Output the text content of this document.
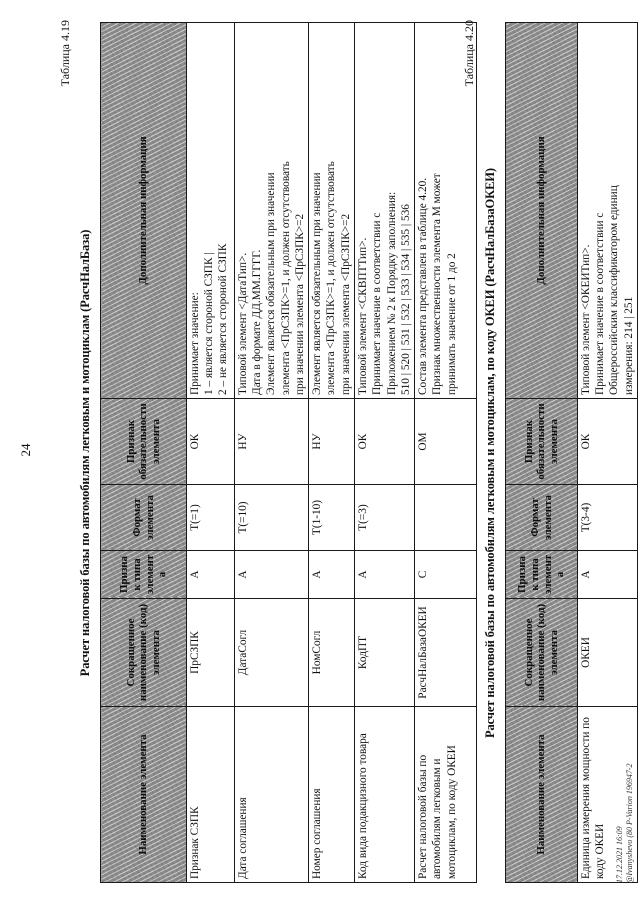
24
Таблица 4.19
Расчет налоговой базы по автомобилям легковым и мотоциклам (РасчНалБаза)
Наименование элемента	Сокращенное наименование (код) элемента	Признак типа элемента	Формат элемента	Признак обязательности элемента	Дополнительная информация
Признак СЗПК	ПрСЗПК	А	Т(=1)	ОК	Принимает значение: 1 – является стороной СЗПК | 2 – не является стороной СЗПК

Дата соглашения	ДатаСогл	А	Т(=10)	НУ	Типовой элемент <ДатаТип>. Дата в формате ДД.ММ.ГГГГ. Элемент является обязательным при значении элемента <ПрСЗПК>=1, и должен отсутствовать при значении элемента <ПрСЗПК>=2

Номер соглашения	НомСогл	А	Т(1-10)	НУ	Элемент является обязательным при значении элемента <ПрСЗПК>=1, и должен отсутствовать при значении элемента <ПрСЗПК>=2

Код вида подакцизного товара	КодПТ	А	Т(=3)	ОК	Типовой элемент <СКВПТТип>. Принимает значение в соответствии с Приложением № 2 к Порядку заполнения: 510 | 520 | 531 | 532 | 533 | 534 | 535 | 536

Расчет налоговой базы по автомобилям легковым и мотоциклам, по коду ОКЕИ	РасчНалБазаОКЕИ	С		ОМ	Состав элемента представлен в таблице 4.20. Признак множественности элемента М может принимать значение от 1 до 2
Таблица 4.20
Расчет налоговой базы по автомобилям легковым и мотоциклам, по коду ОКЕИ (РасчНалБазаОКЕИ)
Наименование элемента	Сокращенное наименование (код) элемента	Признак типа элемента	Формат элемента	Признак обязательности элемента	Дополнительная информация
Единица измерения мощности по коду ОКЕИ	ОКЕИ	А	Т(3-4)	ОК	Типовой элемент <ОКЕИТип>. Принимает значение в соответствии с Общероссийским классификатором единиц измерения: 214 | 251
17.12.2021 16:09 @Ivanyshevo (80 P-Varion 196947-2
